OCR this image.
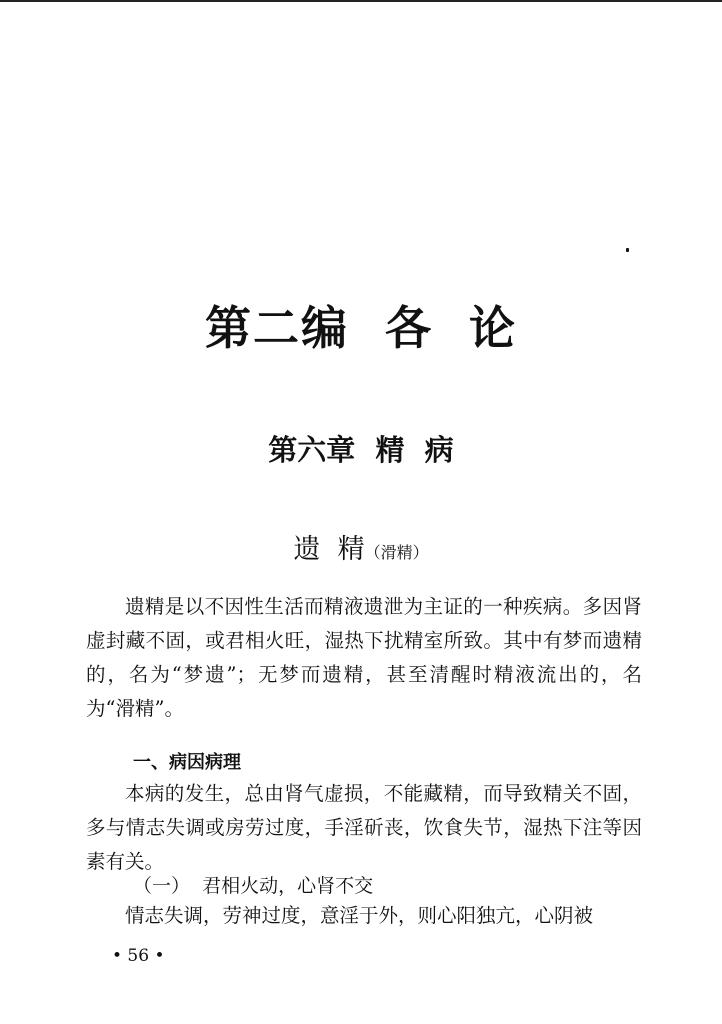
第二编  各  论
第六章  精  病
遗  精（滑精）
遗精是以不因性生活而精液遗泄为主证的一种疾病。多因肾虚封藏不固，或君相火旺，湿热下扰精室所致。其中有梦而遗精的，名为“梦遗”；无梦而遗精，甚至清醒时精液流出的，名为“滑精”。
一、病因病理
本病的发生，总由肾气虚损，不能藏精，而导致精关不固，多与情志失调或房劳过度，手淫斫丧，饮食失节，湿热下注等因素有关。
（一）  君相火动，心肾不交
情志失调，劳神过度，意淫于外，则心阳独亢，心阴被
• 56 •
